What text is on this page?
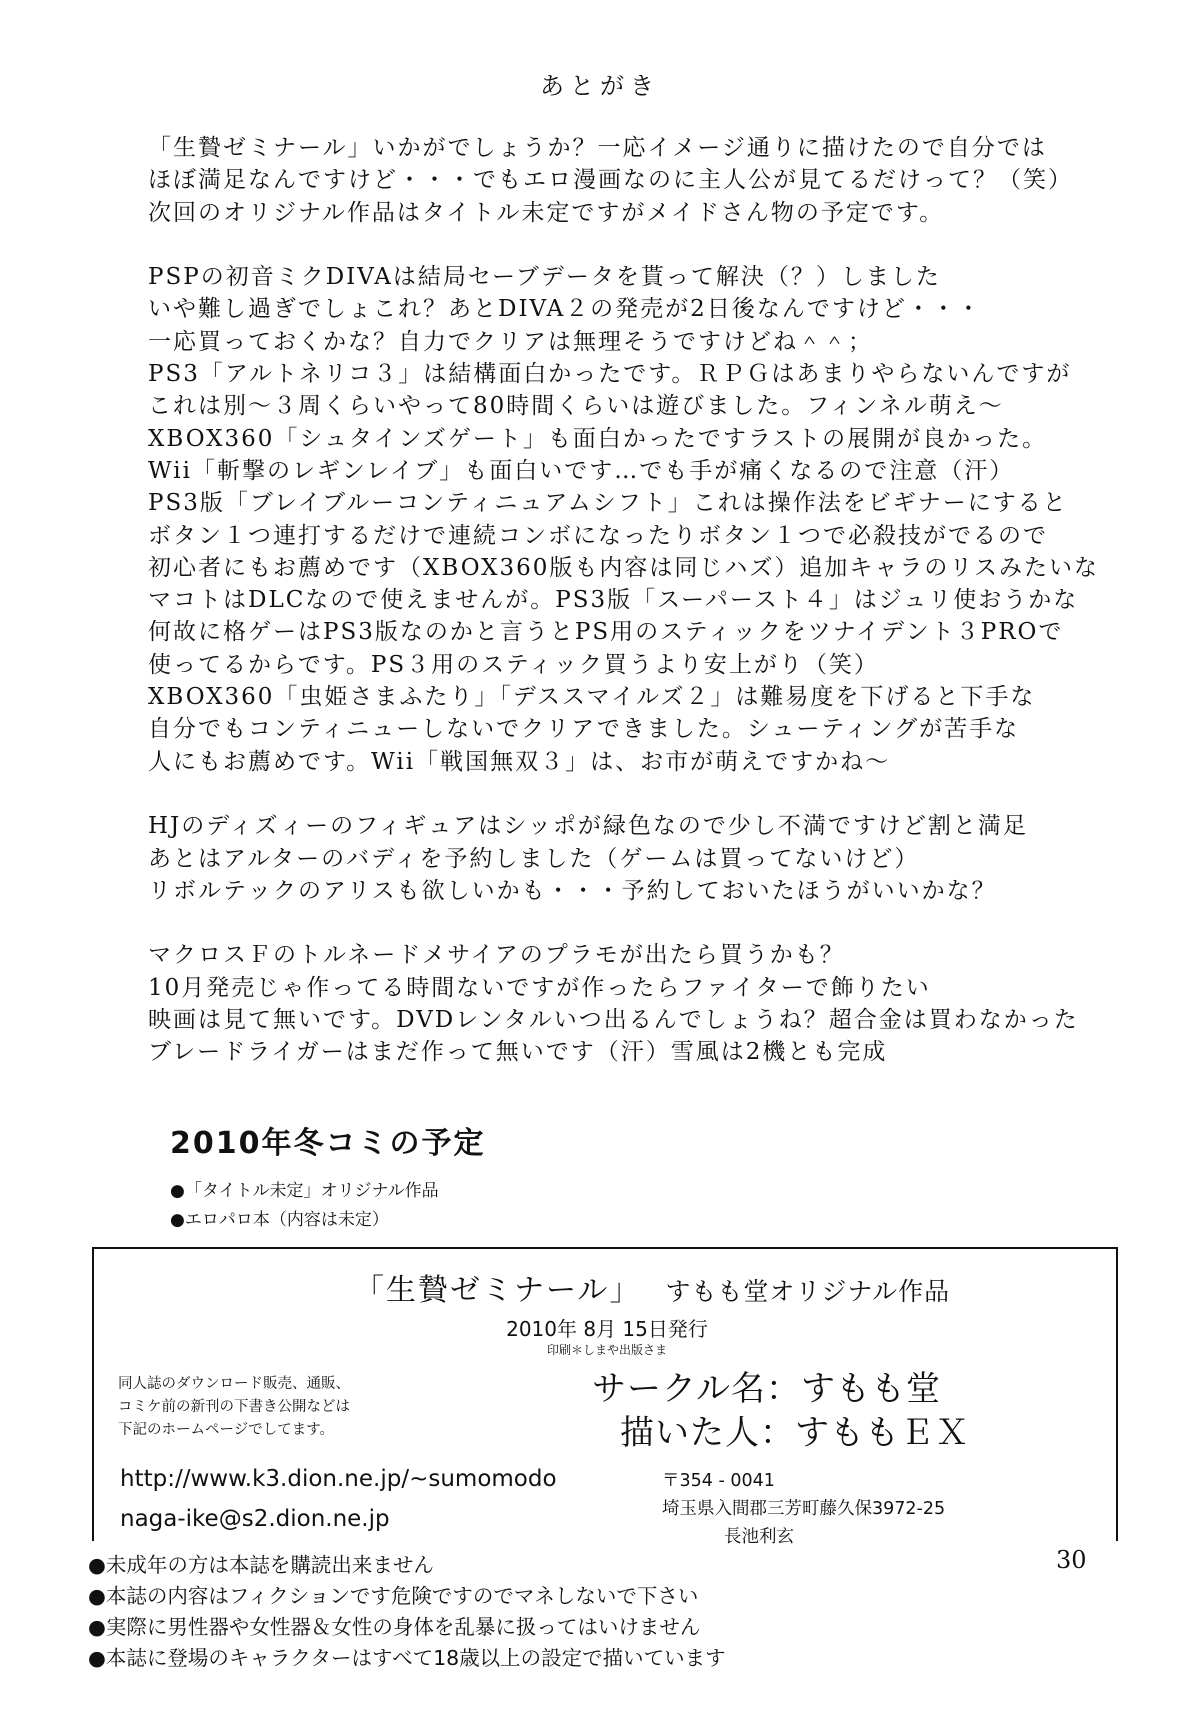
あとがき
「生贄ゼミナール」いかがでしょうか？一応イメージ通りに描けたので自分では
ほぼ満足なんですけど・・・でもエロ漫画なのに主人公が見てるだけって？（笑）
次回のオリジナル作品はタイトル未定ですがメイドさん物の予定です。
PSPの初音ミクDIVAは結局セーブデータを貰って解決（？）しました
いや難し過ぎでしょこれ？あとDIVA２の発売が2日後なんですけど・・・
一応買っておくかな？自力でクリアは無理そうですけどね＾＾；
PS3「アルトネリコ３」は結構面白かったです。ＲＰＧはあまりやらないんですが
これは別～３周くらいやって80時間くらいは遊びました。フィンネル萌え～
XBOX360「シュタインズゲート」も面白かったですラストの展開が良かった。
Wii「斬撃のレギンレイブ」も面白いです…でも手が痛くなるので注意（汗）
PS3版「ブレイブルーコンティニュアムシフト」これは操作法をビギナーにすると
ボタン１つ連打するだけで連続コンボになったりボタン１つで必殺技がでるので
初心者にもお薦めです（XBOX360版も内容は同じハズ）追加キャラのリスみたいな
マコトはDLCなので使えませんが。PS3版「スーパースト４」はジュリ使おうかな
何故に格ゲーはPS3版なのかと言うとPS用のスティックをツナイデント３PROで
使ってるからです。PS３用のスティック買うより安上がり（笑）
XBOX360「虫姫さまふたり」「デススマイルズ２」は難易度を下げると下手な
自分でもコンティニューしないでクリアできました。シューティングが苦手な
人にもお薦めです。Wii「戦国無双３」は、お市が萌えですかね～
HJのディズィーのフィギュアはシッポが緑色なので少し不満ですけど割と満足
あとはアルターのバディを予約しました（ゲームは買ってないけど）
リボルテックのアリスも欲しいかも・・・予約しておいたほうがいいかな？
マクロスＦのトルネードメサイアのプラモが出たら買うかも？
10月発売じゃ作ってる時間ないですが作ったらファイターで飾りたい
映画は見て無いです。DVDレンタルいつ出るんでしょうね？超合金は買わなかった
ブレードライガーはまだ作って無いです（汗）雪風は2機とも完成
2010年冬コミの予定
●「タイトル未定」オリジナル作品
●エロパロ本（内容は未定）
「生贄ゼミナール」 すもも堂オリジナル作品
2010年 8月 15日発行
印刷＊しまや出版さま
同人誌のダウンロード販売、通販、
コミケ前の新刊の下書き公開などは
下記のホームページでしてます。
サークル名：すもも堂
描いた人：すももＥＸ
http://www.k3.dion.ne.jp/~sumomodo
naga-ike@s2.dion.ne.jp
〒354 - 0041
埼玉県入間郡三芳町藤久保3972-25
長池利玄
●未成年の方は本誌を購読出来ません
●本誌の内容はフィクションです危険ですのでマネしないで下さい
●実際に男性器や女性器＆女性の身体を乱暴に扱ってはいけません
●本誌に登場のキャラクターはすべて18歳以上の設定で描いています
30
